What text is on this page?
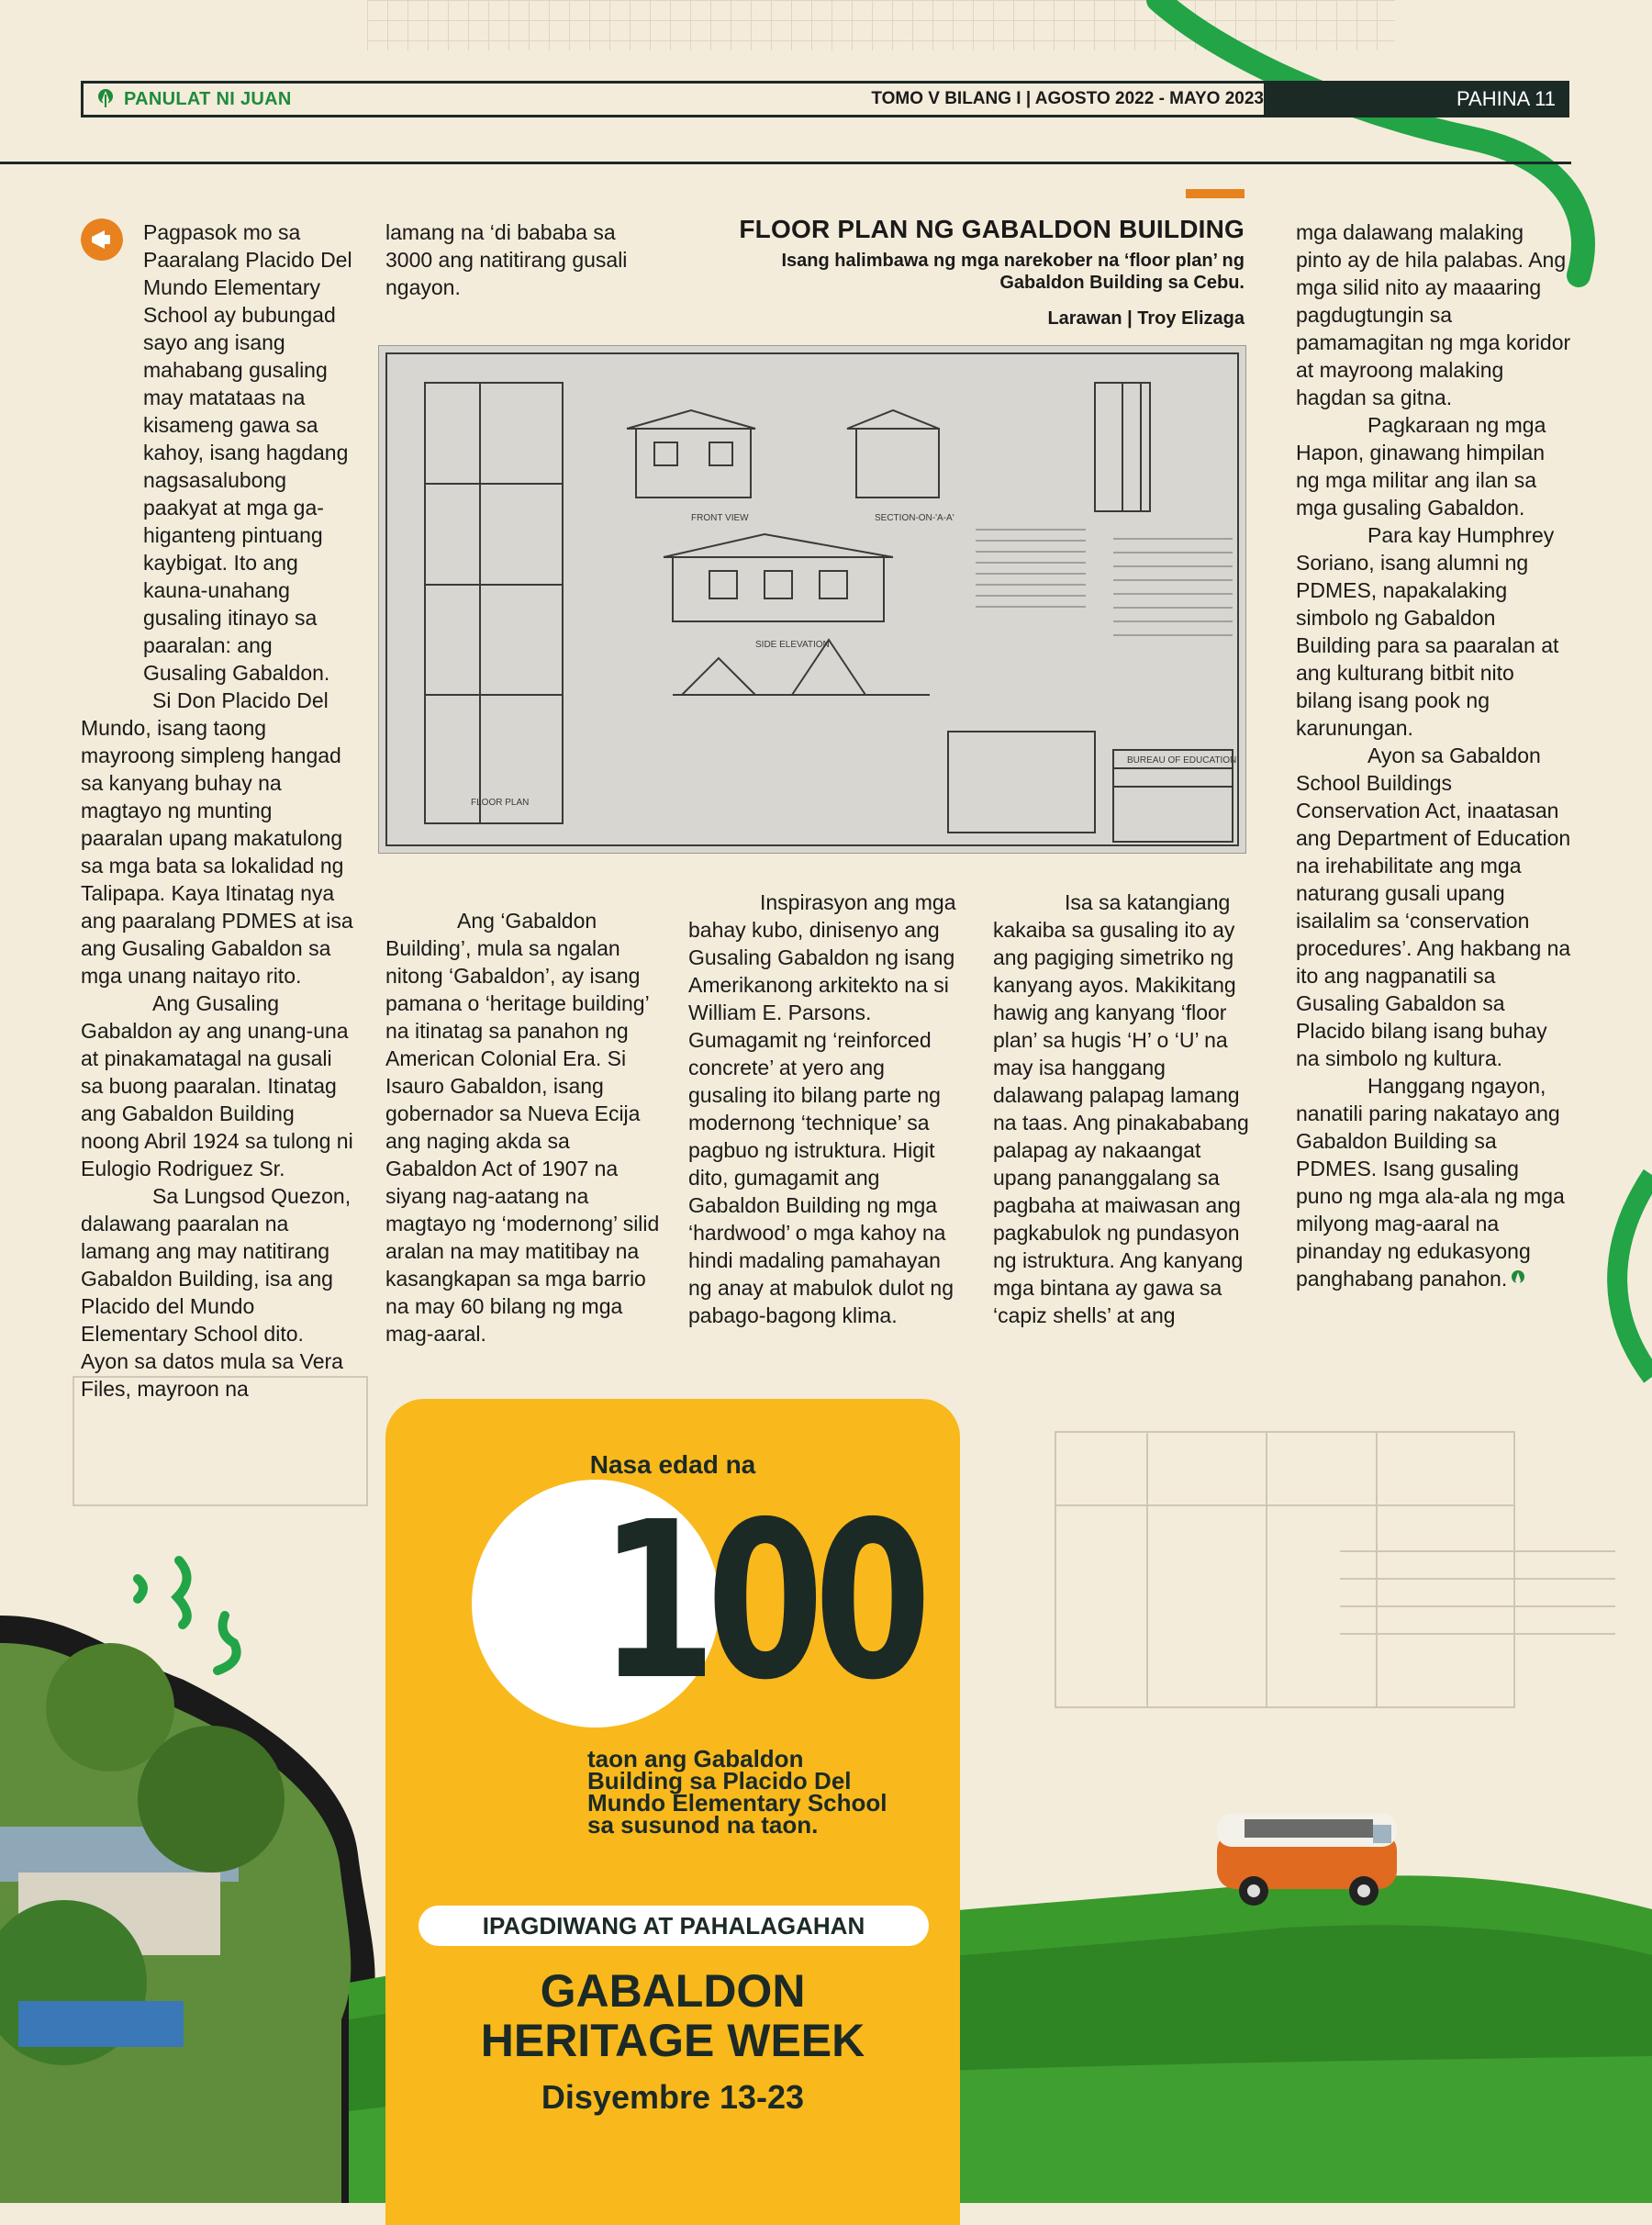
PANULAT NI JUAN	TOMO V BILANG I | AGOSTO 2022 - MAYO 2023	PAHINA 11

Pagpasok mo sa Paaralang Placido Del Mundo Elementary School ay bubungad sayo ang isang mahabang gusaling may matataas na kisameng gawa sa kahoy, isang hagdang nagsasalubong paakyat at mga ga-higanteng pintuang kaybigat. Ito ang kauna-unahang gusaling itinayo sa paaralan: ang Gusaling Gabaldon.

Si Don Placido Del Mundo, isang taong mayroong simpleng hangad sa kanyang buhay na magtayo ng munting paaralan upang makatulong sa mga bata sa lokalidad ng Talipapa. Kaya Itinatag nya ang paaralang PDMES at isa ang Gusaling Gabaldon sa mga unang naitayo rito.

Ang Gusaling Gabaldon ay ang unang-una at pinakamatagal na gusali sa buong paaralan. Itinatag ang Gabaldon Building noong Abril 1924 sa tulong ni Eulogio Rodriguez Sr.

Sa Lungsod Quezon, dalawang paaralan na lamang ang may natitirang Gabaldon Building, isa ang Placido del Mundo Elementary School dito. Ayon sa datos mula sa Vera Files, mayroon na

lamang na ‘di bababa sa 3000 ang natitirang gusali ngayon.

FLOOR PLAN NG GABALDON BUILDING
Isang halimbawa ng mga narekober na ‘floor plan’ ng Gabaldon Building sa Cebu.
Larawan | Troy Elizaga
FRONT VIEW	SECTION-ON-'A-A'
SIDE ELEVATION
FLOOR PLAN
BUREAU OF EDUCATION

Ang ‘Gabaldon Building’, mula sa ngalan nitong ‘Gabaldon’, ay isang pamana o ‘heritage building’ na itinatag sa panahon ng American Colonial Era. Si Isauro Gabaldon, isang gobernador sa Nueva Ecija ang naging akda sa Gabaldon Act of 1907 na siyang nag-aatang na magtayo ng ‘modernong’ silid aralan na may matitibay na kasangkapan sa mga barrio na may 60 bilang ng mga mag-aaral.

Inspirasyon ang mga bahay kubo, dinisenyo ang Gusaling Gabaldon ng isang Amerikanong arkitekto na si William E. Parsons. Gumagamit ng ‘reinforced concrete’ at yero ang gusaling ito bilang parte ng modernong ‘technique’ sa pagbuo ng istruktura. Higit dito, gumagamit ang Gabaldon Building ng mga ‘hardwood’ o mga kahoy na hindi madaling pamahayan ng anay at mabulok dulot ng pabago-bagong klima.

Isa sa katangiang kakaiba sa gusaling ito ay ang pagiging simetriko ng kanyang ayos. Makikitang hawig ang kanyang ‘floor plan’ sa hugis ‘H’ o ‘U’ na may isa hanggang dalawang palapag lamang na taas. Ang pinakababang palapag ay nakaangat upang pananggalang sa pagbaha at maiwasan ang pagkabulok ng pundasyon ng istruktura. Ang kanyang mga bintana ay gawa sa ‘capiz shells’ at ang

mga dalawang malaking pinto ay de hila palabas. Ang mga silid nito ay maaaring pagdugtungin sa pamamagitan ng mga koridor at mayroong malaking hagdan sa gitna.

Pagkaraan ng mga Hapon, ginawang himpilan ng mga militar ang ilan sa mga gusaling Gabaldon.

Para kay Humphrey Soriano, isang alumni ng PDMES, napakalaking simbolo ng Gabaldon Building para sa paaralan at ang kulturang bitbit nito bilang isang pook ng karunungan.

Ayon sa Gabaldon School Buildings Conservation Act, inaatasan ang Department of Education na irehabilitate ang mga naturang gusali upang isailalim sa ‘conservation procedures’. Ang hakbang na ito ang nagpanatili sa Gusaling Gabaldon sa Placido bilang isang buhay na simbolo ng kultura.

Hanggang ngayon, nanatili paring nakatayo ang Gabaldon Building sa PDMES. Isang gusaling puno ng mga ala-ala ng mga milyong mag-aaral na pinanday ng edukasyong panghabang panahon.

Nasa edad na
100
taon ang Gabaldon Building sa Placido Del Mundo Elementary School sa susunod na taon.
IPAGDIWANG AT PAHALAGAHAN
GABALDON
HERITAGE WEEK
Disyembre 13-23
